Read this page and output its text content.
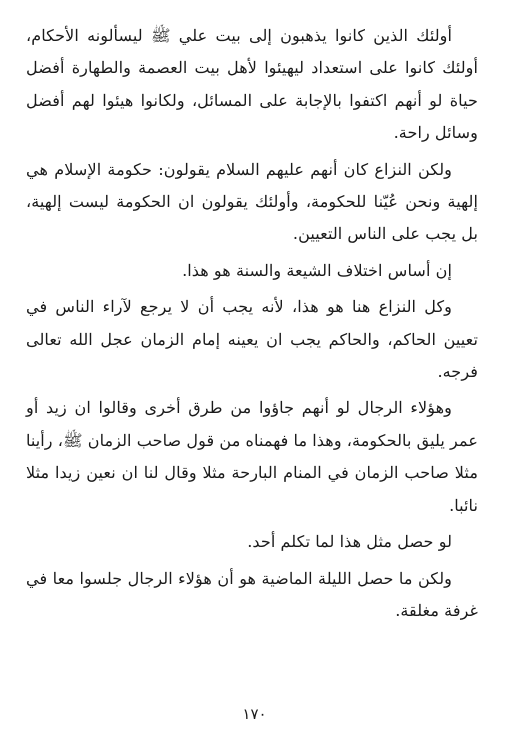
أولئك الذين كانوا يذهبون إلى بيت علي ﷺ ليسألونه الأحكام، أولئك كانوا على استعداد ليهيئوا لأهل بيت العصمة والطهارة أفضل حياة لو أنهم اكتفوا بالإجابة على المسائل، ولكانوا هيئوا لهم أفضل وسائل راحة.

ولكن النزاع كان أنهم عليهم السلام يقولون: حكومة الإسلام هي إلهية ونحن عُيّنا للحكومة، وأولئك يقولون ان الحكومة ليست إلهية، بل يجب على الناس التعيين.

إن أساس اختلاف الشيعة والسنة هو هذا.

وكل النزاع هنا هو هذا، لأنه يجب أن لا يرجع لآراء الناس في تعيين الحاكم، والحاكم يجب ان يعينه إمام الزمان عجل الله تعالى فرجه.

وهؤلاء الرجال لو أنهم جاؤوا من طرق أخرى وقالوا ان زيد أو عمر يليق بالحكومة، وهذا ما فهمناه من قول صاحب الزمان ﷺ، رأينا مثلا صاحب الزمان في المنام البارحة مثلا وقال لنا ان نعين زيدا مثلا نائبا.

لو حصل مثل هذا لما تكلم أحد.

ولكن ما حصل الليلة الماضية هو أن هؤلاء الرجال جلسوا معا في غرفة مغلقة.

١٧٠
